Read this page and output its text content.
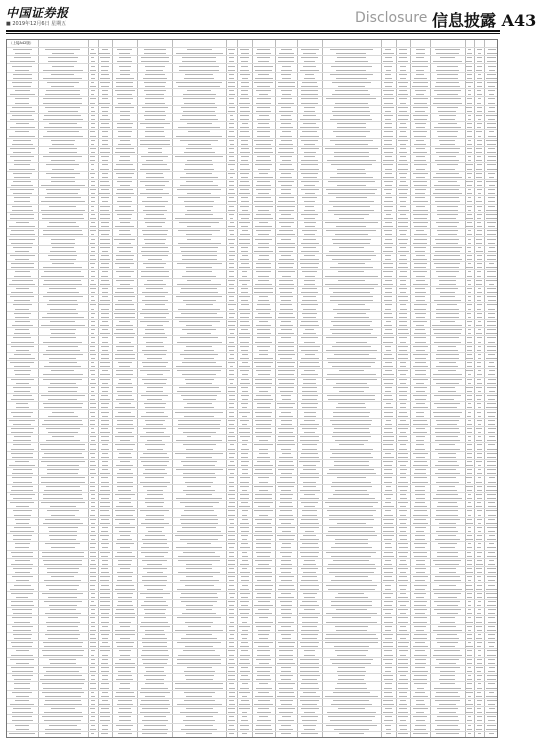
中国证券报
■ 2019年12月6日 星期五	Disclosure 信息披露 A43
（上接A42版）
